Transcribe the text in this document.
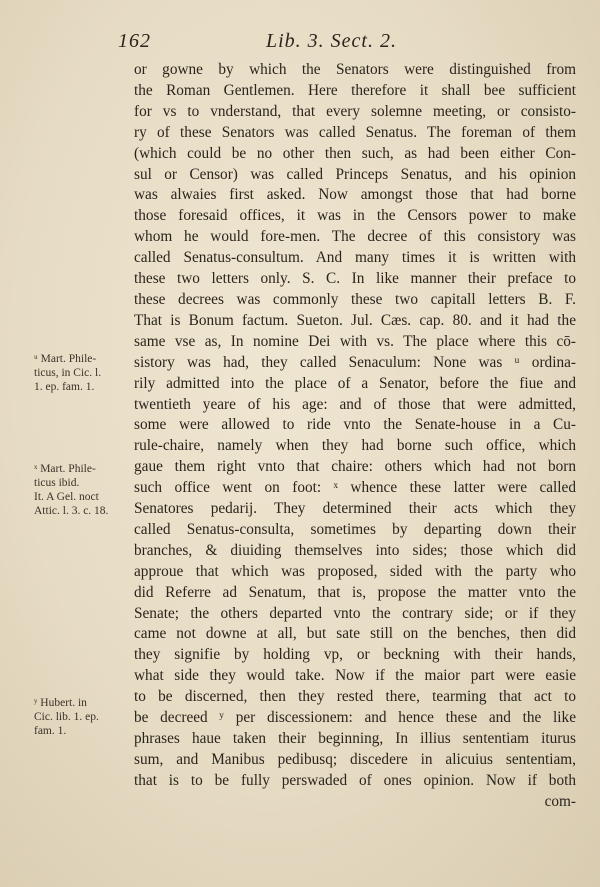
162	Lib. 3. Sect. 2.
or gowne by which the Senators were distinguished from
the Roman Gentlemen. Here therefore it shall bee sufficient
for vs to vnderstand, that every solemne meeting, or consisto-
ry of these Senators was called Senatus. The foreman of them
(which could be no other then such, as had been either Con-
sul or Censor) was called Princeps Senatus, and his opinion
was alwaies first asked. Now amongst those that had borne
those foresaid offices, it was in the Censors power to make
whom he would fore-men. The decree of this consistory was
called Senatus-consultum. And many times it is written with
these two letters only. S. C. In like manner their preface to
these decrees was commonly these two capitall letters B. F.
That is Bonum factum. Sueton. Jul. Cæs. cap. 80. and it had the
same vse as, In nomine Dei with vs. The place where this cō-
sistory was had, they called Senaculum: None was ᵘ ordina-
rily admitted into the place of a Senator, before the fiue and
twentieth yeare of his age: and of those that were admitted,
some were allowed to ride vnto the Senate-house in a Cu-
rule-chaire, namely when they had borne such office, which
gaue them right vnto that chaire: others which had not born
such office went on foot: ˣ whence these latter were called
Senatores pedarij. They determined their acts which they
called Senatus-consulta, sometimes by departing down their
branches, & diuiding themselves into sides; those which did
approue that which was proposed, sided with the party who
did Referre ad Senatum, that is, propose the matter vnto the
Senate; the others departed vnto the contrary side; or if they
came not downe at all, but sate still on the benches, then did
they signifie by holding vp, or beckning with their hands,
what side they would take. Now if the maior part were easie
to be discerned, then they rested there, tearming that act to
be decreed ʸ per discessionem: and hence these and the like
phrases haue taken their beginning, In illius sententiam iturus
sum, and Manibus pedibusq; discedere in alicuius sententiam,
that is to be fully perswaded of ones opinion. Now if both
com-
ᵘ Mart. Phile-
ticus, in Cic. l.
1. ep. fam. 1.
ˣ Mart. Phile-
ticus ibid.
It. A Gel. noct
Attic. l. 3. c. 18.
ʸ Hubert. in
Cic. lib. 1. ep.
fam. 1.
